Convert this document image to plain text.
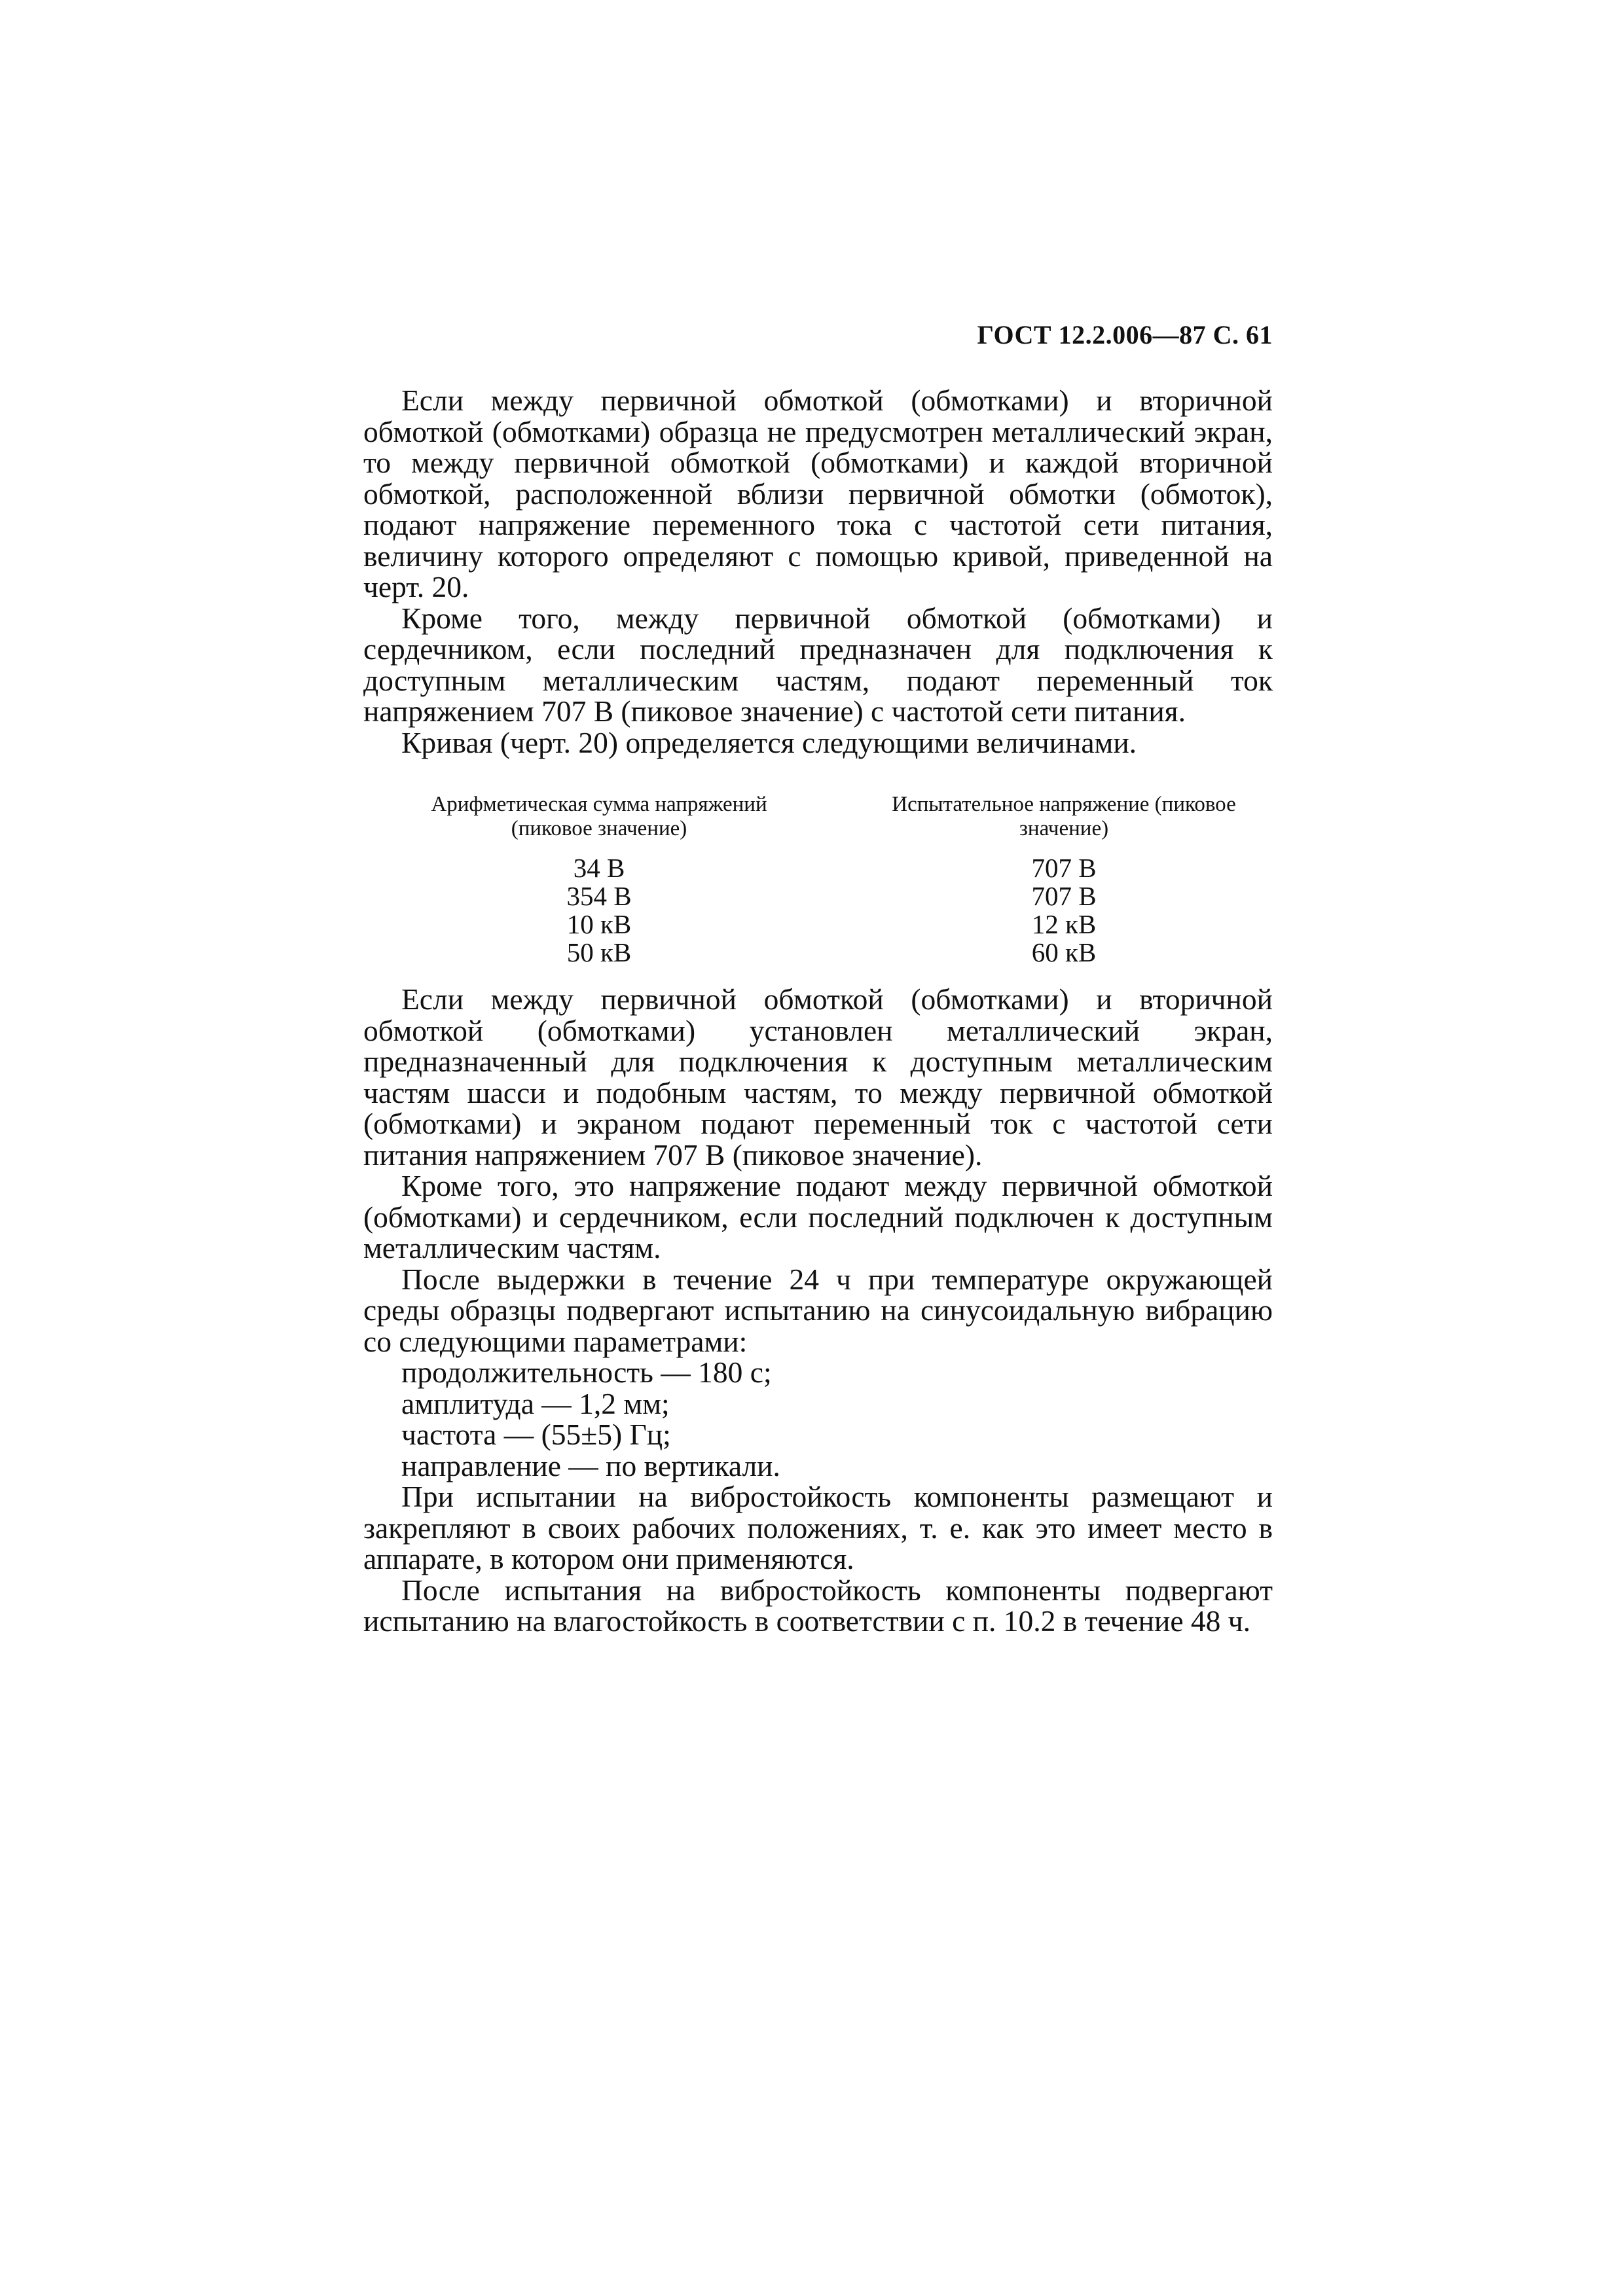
ГОСТ 12.2.006—87 С. 61

Если между первичной обмоткой (обмотками) и вторичной обмоткой (обмотками) образца не предусмотрен металлический экран, то между первичной обмоткой (обмотками) и каждой вторичной обмоткой, расположенной вблизи первичной обмотки (обмоток), подают напряжение переменного тока с частотой сети питания, величину которого определяют с помощью кривой, приведенной на черт. 20.

Кроме того, между первичной обмоткой (обмотками) и сердечником, если последний предназначен для подключения к доступным металлическим частям, подают переменный ток напряжением 707 В (пиковое значение) с частотой сети питания.

Кривая (черт. 20) определяется следующими величинами.

Арифметическая сумма напряжений (пиковое значение)
34 В
354 В
10 кВ
50 кВ
Испытательное напряжение (пиковое значение)
707 В
707 В
12 кВ
60 кВ

Если между первичной обмоткой (обмотками) и вторичной обмоткой (обмотками) установлен металлический экран, предназначенный для подключения к доступным металлическим частям шасси и подобным частям, то между первичной обмоткой (обмотками) и экраном подают переменный ток с частотой сети питания напряжением 707 В (пиковое значение).

Кроме того, это напряжение подают между первичной обмоткой (обмотками) и сердечником, если последний подключен к доступным металлическим частям.

После выдержки в течение 24 ч при температуре окружающей среды образцы подвергают испытанию на синусоидальную вибрацию со следующими параметрами:

продолжительность — 180 с;

амплитуда — 1,2 мм;

частота — (55±5) Гц;

направление — по вертикали.

При испытании на вибростойкость компоненты размещают и закрепляют в своих рабочих положениях, т. е. как это имеет место в аппарате, в котором они применяются.

После испытания на вибростойкость компоненты подвергают испытанию на влагостойкость в соответствии с п. 10.2 в течение 48 ч.
